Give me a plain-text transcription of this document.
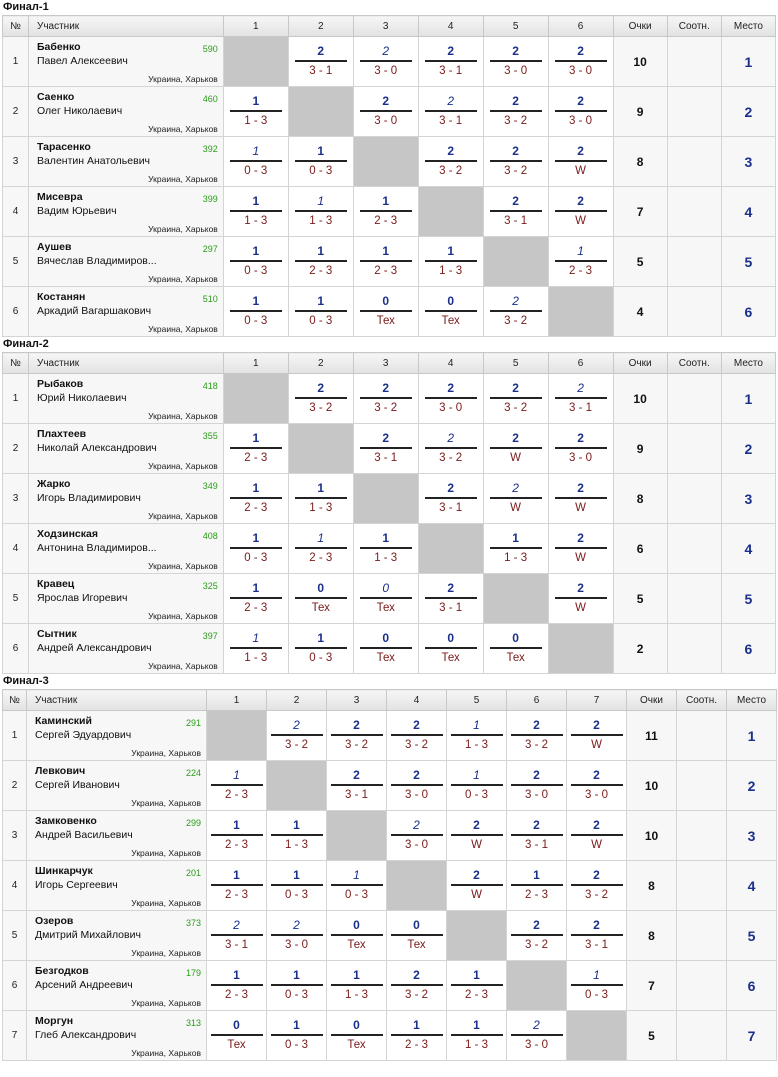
Финал-1
№	Участник	1	2	3	4	5	6	Очки	Соотн.	Место
1	Бабенко 590
Павел Алексеевич
Украина, Харьков		$\frac{2}{3 - 1}$	$\frac{2}{3 - 0}$	$\frac{2}{3 - 1}$	$\frac{2}{3 - 0}$	$\frac{2}{3 - 0}$	10		1
2	Саенко 460
Олег Николаевич
Украина, Харьков	$\frac{1}{1 - 3}$		$\frac{2}{3 - 0}$	$\frac{2}{3 - 1}$	$\frac{2}{3 - 2}$	$\frac{2}{3 - 0}$	9		2
3	Тарасенко 392
Валентин Анатольевич
Украина, Харьков	$\frac{1}{0 - 3}$	$\frac{1}{0 - 3}$		$\frac{2}{3 - 2}$	$\frac{2}{3 - 2}$	$\frac{2}{W}$	8		3
4	Мисевра 399
Вадим Юрьевич
Украина, Харьков	$\frac{1}{1 - 3}$	$\frac{1}{1 - 3}$	$\frac{1}{2 - 3}$		$\frac{2}{3 - 1}$	$\frac{2}{W}$	7		4
5	Аушев 297
Вячеслав Владимиров...
Украина, Харьков	$\frac{1}{0 - 3}$	$\frac{1}{2 - 3}$	$\frac{1}{2 - 3}$	$\frac{1}{1 - 3}$		$\frac{1}{2 - 3}$	5		5
6	Костанян 510
Аркадий Вагаршакович
Украина, Харьков	$\frac{1}{0 - 3}$	$\frac{1}{0 - 3}$	0
Тех	0
Тех	$\frac{2}{3 - 2}$		4		6
Финал-2
№	Участник	1	2	3	4	5	6	Очки	Соотн.	Место
1	Рыбаков 418
Юрий Николаевич
Украина, Харьков		$\frac{2}{3 - 2}$	$\frac{2}{3 - 2}$	$\frac{2}{3 - 0}$	$\frac{2}{3 - 2}$	$\frac{2}{3 - 1}$	10		1
2	Плахтеев 355
Николай Александрович
Украина, Харьков	$\frac{1}{2 - 3}$		$\frac{2}{3 - 1}$	$\frac{2}{3 - 2}$	$\frac{2}{W}$	$\frac{2}{3 - 0}$	9		2
3	Жарко 349
Игорь Владимирович
Украина, Харьков	$\frac{1}{2 - 3}$	$\frac{1}{1 - 3}$		$\frac{2}{3 - 1}$	$\frac{2}{W}$	$\frac{2}{W}$	8		3
4	Ходзинская 408
Антонина Владимиров...
Украина, Харьков	$\frac{1}{0 - 3}$	$\frac{1}{2 - 3}$	$\frac{1}{1 - 3}$		$\frac{1}{1 - 3}$	$\frac{2}{W}$	6		4
5	Кравец 325
Ярослав Игоревич
Украина, Харьков	$\frac{1}{2 - 3}$	0
Тех	0
Тех	$\frac{2}{3 - 1}$		$\frac{2}{W}$	5		5
6	Сытник 397
Андрей Александрович
Украина, Харьков	$\frac{1}{1 - 3}$	$\frac{1}{0 - 3}$	0
Тех	0
Тех	0
Тех		2		6
Финал-3
№	Участник	1	2	3	4	5	6	7	Очки	Соотн.	Место
1	Каминский 291
Сергей Эдуардович
Украина, Харьков		$\frac{2}{3 - 2}$	$\frac{2}{3 - 2}$	$\frac{2}{3 - 2}$	$\frac{1}{1 - 3}$	$\frac{2}{3 - 2}$	$\frac{2}{W}$	11		1
2	Левкович 224
Сергей Иванович
Украина, Харьков	$\frac{1}{2 - 3}$		$\frac{2}{3 - 1}$	$\frac{2}{3 - 0}$	$\frac{1}{0 - 3}$	$\frac{2}{3 - 0}$	$\frac{2}{3 - 0}$	10		2
3	Замковенко 299
Андрей Васильевич
Украина, Харьков	$\frac{1}{2 - 3}$	$\frac{1}{1 - 3}$		$\frac{2}{3 - 0}$	$\frac{2}{W}$	$\frac{2}{3 - 1}$	$\frac{2}{W}$	10		3
4	Шинкарчук 201
Игорь Сергеевич
Украина, Харьков	$\frac{1}{2 - 3}$	$\frac{1}{0 - 3}$	$\frac{1}{0 - 3}$		$\frac{2}{W}$	$\frac{1}{2 - 3}$	$\frac{2}{3 - 2}$	8		4
5	Озеров 373
Дмитрий Михайлович
Украина, Харьков	$\frac{2}{3 - 1}$	$\frac{2}{3 - 0}$	0
Тех	0
Тех		$\frac{2}{3 - 2}$	$\frac{2}{3 - 1}$	8		5
6	Безгодков 179
Арсений Андреевич
Украина, Харьков	$\frac{1}{2 - 3}$	$\frac{1}{0 - 3}$	$\frac{1}{1 - 3}$	$\frac{2}{3 - 2}$	$\frac{1}{2 - 3}$		$\frac{1}{0 - 3}$	7		6
7	Моргун 313
Глеб Александрович
Украина, Харьков	0
Тех	$\frac{1}{0 - 3}$	0
Тех	$\frac{1}{2 - 3}$	$\frac{1}{1 - 3}$	$\frac{2}{3 - 0}$		5		7
